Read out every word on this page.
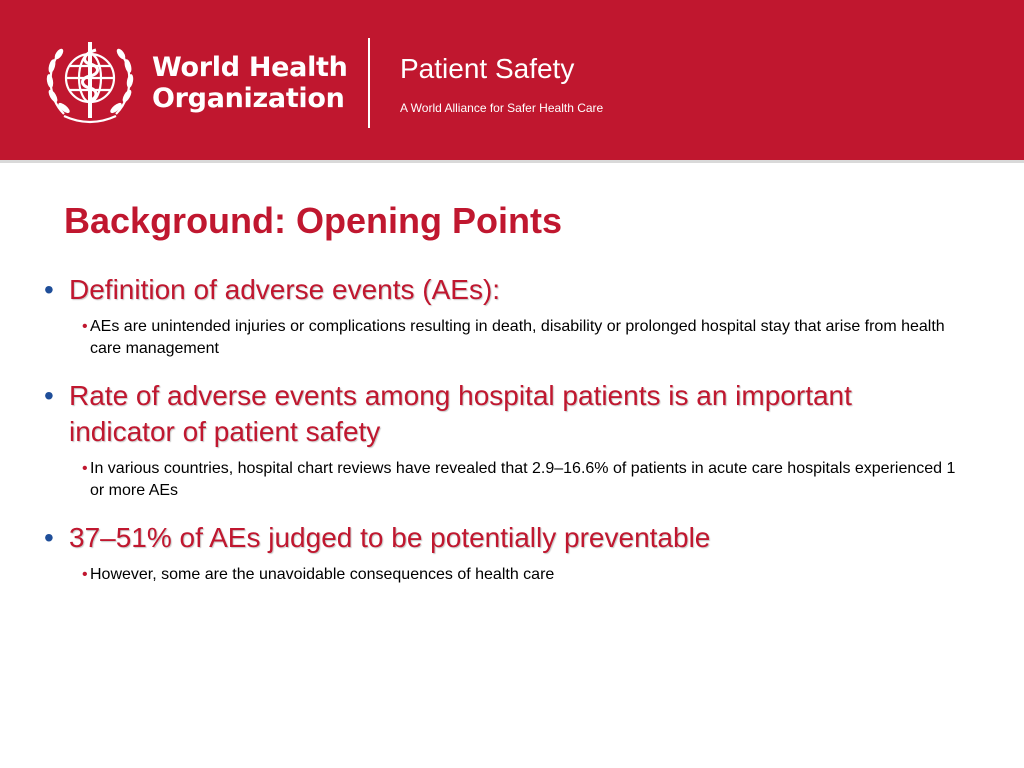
World Health
Organization
Patient Safety
A World Alliance for Safer Health Care
Background: Opening Points
• Definition of adverse events (AEs):
• AEs are unintended injuries or complications resulting in death, disability or prolonged hospital stay that arise from health care management
• Rate of adverse events among hospital patients is an important indicator of patient safety
• In various countries, hospital chart reviews have revealed that 2.9–16.6% of patients in acute care hospitals experienced 1 or more AEs
• 37–51% of AEs judged to be potentially preventable
• However, some are the unavoidable consequences of health care
